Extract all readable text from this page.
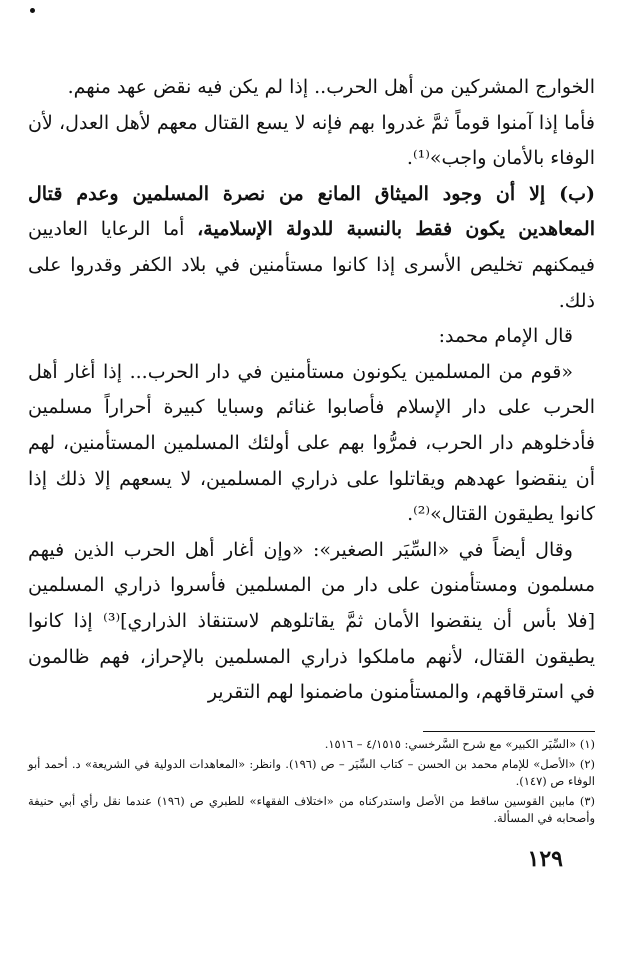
الخوارج المشركين من أهل الحرب.. إذا لم يكن فيه نقض عهد منهم.

فأما إذا آمنوا قوماً ثمَّ غدروا بهم فإنه لا يسع القتال معهم لأهل العدل، لأن الوفاء بالأمان واجب»⁽¹⁾.

(ب) إلا أن وجود الميثاق المانع من نصرة المسلمين وعدم قتال المعاهدين يكون فقط بالنسبة للدولة الإسلامية، أما الرعايا العاديين فيمكنهم تخليص الأسرى إذا كانوا مستأمنين في بلاد الكفر وقدروا على ذلك.

قال الإمام محمد:

«قوم من المسلمين يكونون مستأمنين في دار الحرب... إذا أغار أهل الحرب على دار الإسلام فأصابوا غنائم وسبايا كبيرة أحراراً مسلمين فأدخلوهم دار الحرب، فمرُّوا بهم على أولئك المسلمين المستأمنين، لهم أن ينقضوا عهدهم ويقاتلوا على ذراري المسلمين، لا يسعهم إلا ذلك إذا كانوا يطيقون القتال»⁽²⁾.

وقال أيضاً في «السِّيَر الصغير»: «وإن أغار أهل الحرب الذين فيهم مسلمون ومستأمنون على دار من المسلمين فأسروا ذراري المسلمين [فلا بأس أن ينقضوا الأمان ثمَّ يقاتلوهم لاستنقاذ الذراري]⁽³⁾ إذا كانوا يطيقون القتال، لأنهم ماملكوا ذراري المسلمين بالإحراز، فهم ظالمون في استرقاقهم، والمستأمنون ماضمنوا لهم التقرير

(١) «السِّيَر الكبير» مع شرح السَّرخسي: ٤/١٥١٥ – ١٥١٦.

(٢) «الأصل» للإمام محمد بن الحسن – كتاب السِّيَر – ص (١٩٦). وانظر: «المعاهدات الدولية في الشريعة» د. أحمد أبو الوفاء ص (١٤٧).

(٣) مابين القوسين ساقط من الأصل واستدركناه من «اختلاف الفقهاء» للطبري ص (١٩٦) عندما نقل رأي أبي حنيفة وأصحابه في المسألة.

١٢٩
